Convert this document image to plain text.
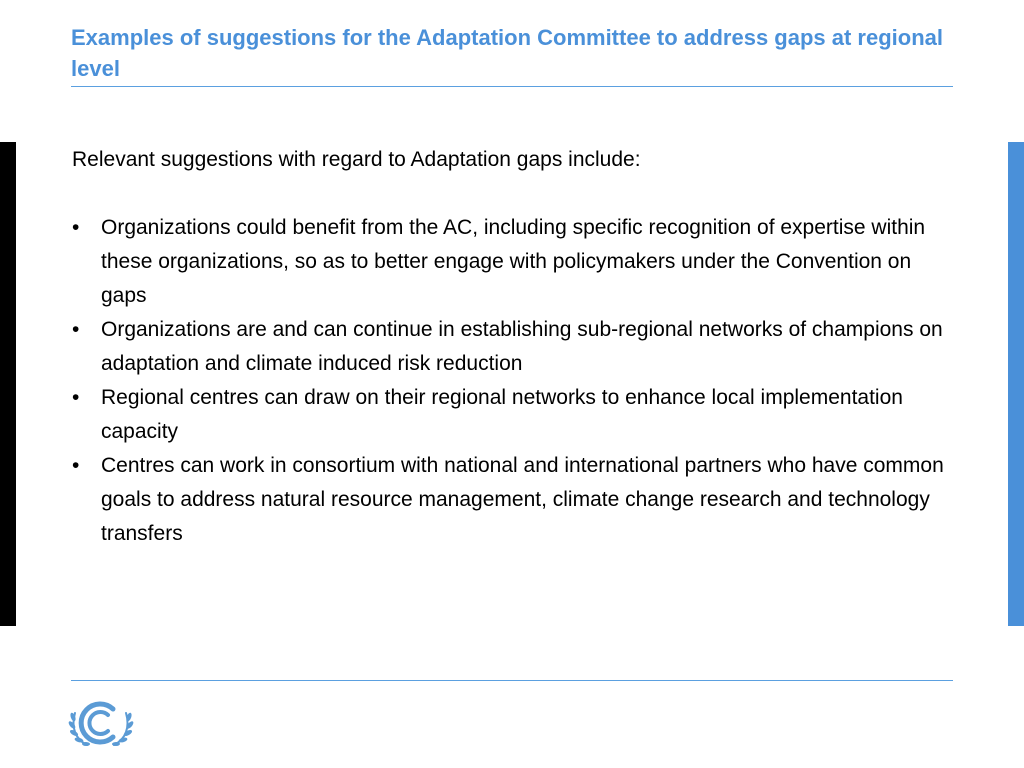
Examples of suggestions for the Adaptation Committee to address gaps at regional level

Relevant suggestions with regard to Adaptation gaps include:

• Organizations could benefit from the AC, including specific recognition of expertise within these organizations, so as to better engage with policymakers under the Convention on gaps
• Organizations are and can continue in establishing sub-regional networks of champions on adaptation and climate induced risk reduction
• Regional centres can draw on their regional networks to enhance local implementation capacity
• Centres can work in consortium with national and international partners who have common goals to address natural resource management, climate change research and technology transfers
